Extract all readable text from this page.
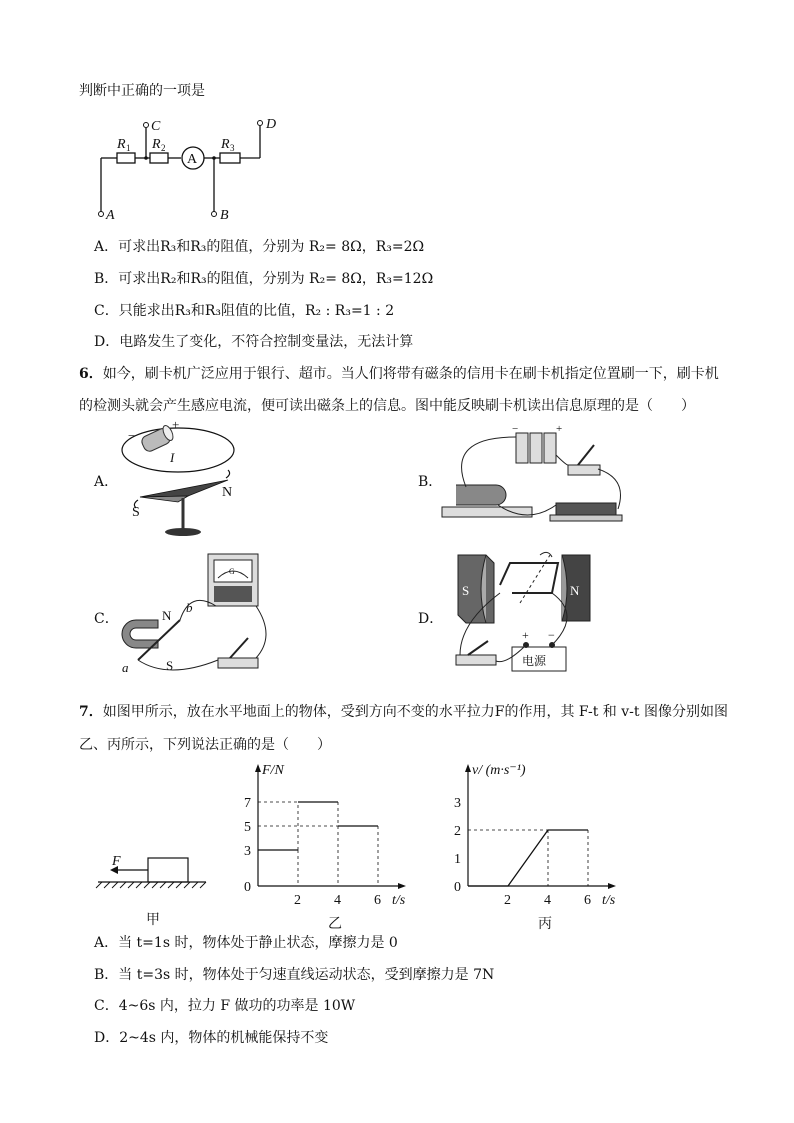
判断中正确的一项是
R 1 R 2	R 3
A
A
C
B
D
A．可求出R₃和R₃的阻值，分别为 R₂= 8Ω，R₃=2Ω
B．可求出R₂和R₃的阻值，分别为 R₂= 8Ω，R₃=12Ω
C．只能求出R₃和R₃阻值的比值，R₂ : R₃=1 : 2
D．电路发生了变化，不符合控制变量法，无法计算
6．如今，刷卡机广泛应用于银行、超市。当人们将带有磁条的信用卡在刷卡机指定位置刷一下，刷卡机
的检测头就会产生感应电流，便可读出磁条上的信息。图中能反映刷卡机读出信息原理的是（　　）
A．	B．
C．	D．
+
−
I
S
N
−	+
G
N
S
a
b
S	N
+ −
电源
7．如图甲所示，放在水平地面上的物体，受到方向不变的水平拉力F的作用，其 F-t 和 v-t 图像分别如图
乙、丙所示，下列说法正确的是（　　）
F
甲
0
2 4 6
3
5
7
t/s
F/N
乙
0
2 4 6
1
2
3
t/s
v/ (m·s⁻¹)
丙
A．当 t=1s 时，物体处于静止状态，摩擦力是 0
B．当 t=3s 时，物体处于匀速直线运动状态，受到摩擦力是 7N
C．4~6s 内，拉力 F 做功的功率是 10W
D．2~4s 内，物体的机械能保持不变
